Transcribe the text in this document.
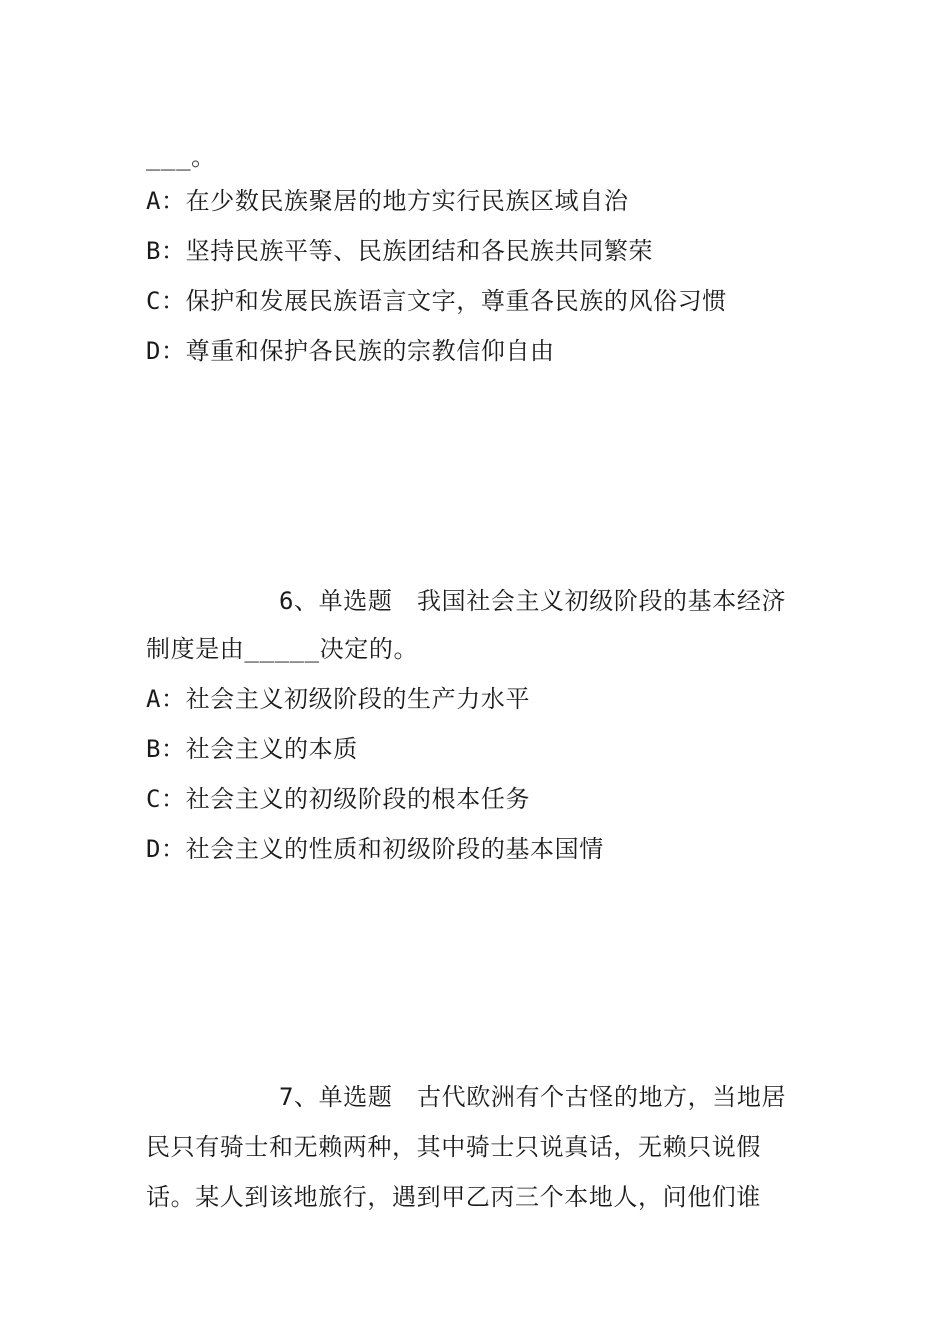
___。
A：在少数民族聚居的地方实行民族区域自治
B：坚持民族平等、民族团结和各民族共同繁荣
C：保护和发展民族语言文字，尊重各民族的风俗习惯
D：尊重和保护各民族的宗教信仰自由
6、单选题　我国社会主义初级阶段的基本经济
制度是由_____决定的。
A：社会主义初级阶段的生产力水平
B：社会主义的本质
C：社会主义的初级阶段的根本任务
D：社会主义的性质和初级阶段的基本国情
7、单选题　古代欧洲有个古怪的地方，当地居
民只有骑士和无赖两种，其中骑士只说真话，无赖只说假
话。某人到该地旅行，遇到甲乙丙三个本地人，问他们谁
